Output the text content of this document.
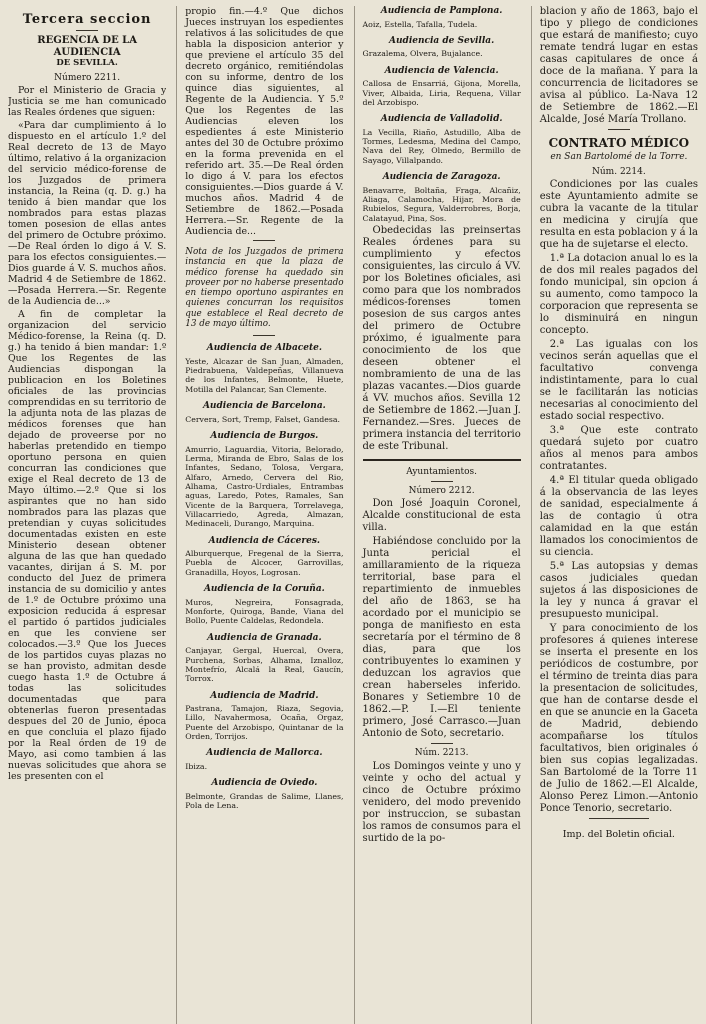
Tercera seccion

REGENCIA DE LA AUDIENCIA

DE SEVILLA.

Número 2211.

Por el Ministerio de Gracia y Justicia se me han comunicado las Reales órdenes que siguen:

«Para dar cumplimiento á lo dispuesto en el artículo 1.º del Real decreto de 13 de Mayo último, relativo á la organizacion del servicio médico-forense de los Juzgados de primera instancia, la Reina (q. D. g.) ha tenido á bien mandar que los nombrados para estas plazas tomen posesion de ellas antes del primero de Octubre próximo. —De Real órden lo digo á V. S. para los efectos consiguientes.—Dios guarde á V. S. muchos años. Madrid 4 de Setiembre de 1862.—Posada Herrera.—Sr. Regente de la Audiencia de...»

A fin de completar la organizacion del servicio Médico-forense, la Reina (q. D. g.) ha tenido á bien mandar: 1.º Que los Regentes de las Audiencias dispongan la publicacion en los Boletines oficiales de las provincias comprendidas en su territorio de la adjunta nota de las plazas de médicos forenses que han dejado de proveerse por no haberlas pretendido en tiempo oportuno persona en quien concurran las condiciones que exige el Real decreto de 13 de Mayo último.—2.º Que si los aspirantes que no han sido nombrados para las plazas que pretendian y cuyas solicitudes documentadas existen en este Ministerio desean obtener alguna de las que han quedado vacantes, dirijan á S. M. por conducto del Juez de primera instancia de su domicilio y antes de 1.º de Octubre próximo una exposicion reducida á espresar el partido ó partidos judiciales en que les conviene ser colocados.—3.º Que los Jueces de los partidos cuyas plazas no se han provisto, admitan desde cuego hasta 1.º de Octubre á todas las solicitudes documentadas que para obtenerlas fueron presentadas despues del 20 de Junio, época en que concluia el plazo fijado por la Real órden de 19 de Mayo, asi como tambien á las nuevas solicitudes que ahora se les presenten con el

propio fin.—4.º Que dichos Jueces instruyan los espedientes relativos á las solicitudes de que habla la disposicion anterior y que previene el artículo 35 del decreto orgánico, remitiéndolas con su informe, dentro de los quince dias siguientes, al Regente de la Audiencia. Y 5.º Que los Regentes de las Audiencias eleven los espedientes á este Ministerio antes del 30 de Octubre próximo en la forma prevenida en el referido art. 35.—De Real órden lo digo á V. para los efectos consiguientes.—Dios guarde á V. muchos años. Madrid 4 de Setiembre de 1862.—Posada Herrera.—Sr. Regente de la Audiencia de...

Nota de los Juzgados de primera instancia en que la plaza de médico forense ha quedado sin proveer por no haberse presentado en tiempo oportuno aspirantes en quienes concurran los requisitos que establece el Real decreto de 13 de mayo último.

Audiencia de Albacete.

Yeste, Alcazar de San Juan, Almaden, Piedrabuena, Valdepeñas, Villanueva de los Infantes, Belmonte, Huete, Motilla del Palancar, San Clemente.

Audiencia de Barcelona.

Cervera, Sort, Tremp, Falset, Gandesa.

Audiencia de Burgos.

Amurrio, Laguardia, Vitoria, Belorado, Lerma, Miranda de Ebro, Salas de los Infantes, Sedano, Tolosa, Vergara, Alfaro, Arnedo, Cervera del Rio, Alhama, Castro-Urdiales, Entrambas aguas, Laredo, Potes, Ramales, San Vicente de la Barquera, Torrelavega, Villacarriedo, Agreda, Almazan, Medinaceli, Durango, Marquina.

Audiencia de Cáceres.

Alburquerque, Fregenal de la Sierra, Puebla de Alcocer, Garrovillas, Granadilla, Hoyos, Logrosan.

Audiencia de la Coruña.

Muros, Negreira, Fonsagrada, Monforte, Quiroga, Bande, Viana del Bollo, Puente Caldelas, Redondela.

Audiencia de Granada.

Canjayar, Gergal, Huercal, Overa, Purchena, Sorbas, Alhama, Iznalloz, Montefrío, Alcalá la Real, Gaucín, Torrox.

Audiencia de Madrid.

Pastrana, Tamajon, Riaza, Segovia, Lillo, Navahermosa, Ocaña, Orgaz, Puente del Arzobispo, Quintanar de la Orden, Torrijos.

Audiencia de Mallorca.

Ibiza.

Audiencia de Oviedo.

Belmonte, Grandas de Salime, Llanes, Pola de Lena.

Audiencia de Pamplona.

Aoiz, Estella, Tafalla, Tudela.

Audiencia de Sevilla.

Grazalema, Olvera, Bujalance.

Audiencia de Valencia.

Callosa de Ensarriá, Gijona, Morella, Viver, Albaida, Liria, Requena, Villar del Arzobispo.

Audiencia de Valladolid.

La Vecilla, Riaño, Astudillo, Alba de Tormes, Ledesma, Medina del Campo, Nava del Rey, Olmedo, Bermillo de Sayago, Villalpando.

Audiencia de Zaragoza.

Benavarre, Boltaña, Fraga, Alcañiz, Aliaga, Calamocha, Hijar, Mora de Rubielos, Segura, Valderrobres, Borja, Calatayud, Pina, Sos.

Obedecidas las preinsertas Reales órdenes para su cumplimiento y efectos consiguientes, las circulo á VV. por los Boletines oficiales, asi como para que los nombrados médicos-forenses tomen posesion de sus cargos antes del primero de Octubre próximo, é igualmente para conocimiento de los que deseen obtener el nombramiento de una de las plazas vacantes.—Dios guarde á VV. muchos años. Sevilla 12 de Setiembre de 1862.—Juan J. Fernandez.—Sres. Jueces de primera instancia del territorio de este Tribunal.

Ayuntamientos.

Número 2212.

Don José Joaquin Coronel, Alcalde constitucional de esta villa.

Habiéndose concluido por la Junta pericial el amillaramiento de la riqueza territorial, base para el repartimiento de inmuebles del año de 1863, se ha acordado por el municipio se ponga de manifiesto en esta secretaría por el término de 8 dias, para que los contribuyentes lo examinen y deduzcan los agravios que crean haberseles inferido. Bonares y Setiembre 10 de 1862.—P. I.—El teniente primero, José Carrasco.—Juan Antonio de Soto, secretario.

Núm. 2213.

Los Domingos veinte y uno y veinte y ocho del actual y cinco de Octubre próximo venidero, del modo prevenido por instruccion, se subastan los ramos de consumos para el surtido de la po-

blacion y año de 1863, bajo el tipo y pliego de condiciones que estará de manifiesto; cuyo remate tendrá lugar en estas casas capitulares de once á doce de la mañana. Y para la concurrencia de licitadores se avisa al público. La-Nava 12 de Setiembre de 1862.—El Alcalde, José María Trollano.

CONTRATO MÉDICO

en San Bartolomé de la Torre.

Núm. 2214.

Condiciones por las cuales este Ayuntamiento admite se cubra la vacante de la titular en medicina y cirujía que resulta en esta poblacion y á la que ha de sujetarse el electo.

1.ª La dotacion anual lo es la de dos mil reales pagados del fondo municipal, sin opcion á su aumento, como tampoco la corporacion que representa se lo disminuirá en ningun concepto.

2.ª Las igualas con los vecinos serán aquellas que el facultativo convenga indistintamente, para lo cual se le facilitarán las noticias necesarias al conocimiento del estado social respectivo.

3.ª Que este contrato quedará sujeto por cuatro años al menos para ambos contratantes.

4.ª El titular queda obligado á la observancia de las leyes de sanidad, especialmente á las de contagio ú otra calamidad en la que están llamados los conocimientos de su ciencia.

5.ª Las autopsias y demas casos judiciales quedan sujetos á las disposiciones de la ley y nunca á gravar el presupuesto municipal.

Y para conocimiento de los profesores á quienes interese se inserta el presente en los periódicos de costumbre, por el término de treinta dias para la presentacion de solicitudes, que han de contarse desde el en que se anuncie en la Gaceta de Madrid, debiendo acompañarse los títulos facultativos, bien originales ó bien sus copias legalizadas. San Bartolomé de la Torre 11 de Julio de 1862.—El Alcalde, Alonso Perez Limon.—Antonio Ponce Tenorio, secretario.

Imp. del Boletin oficial.
